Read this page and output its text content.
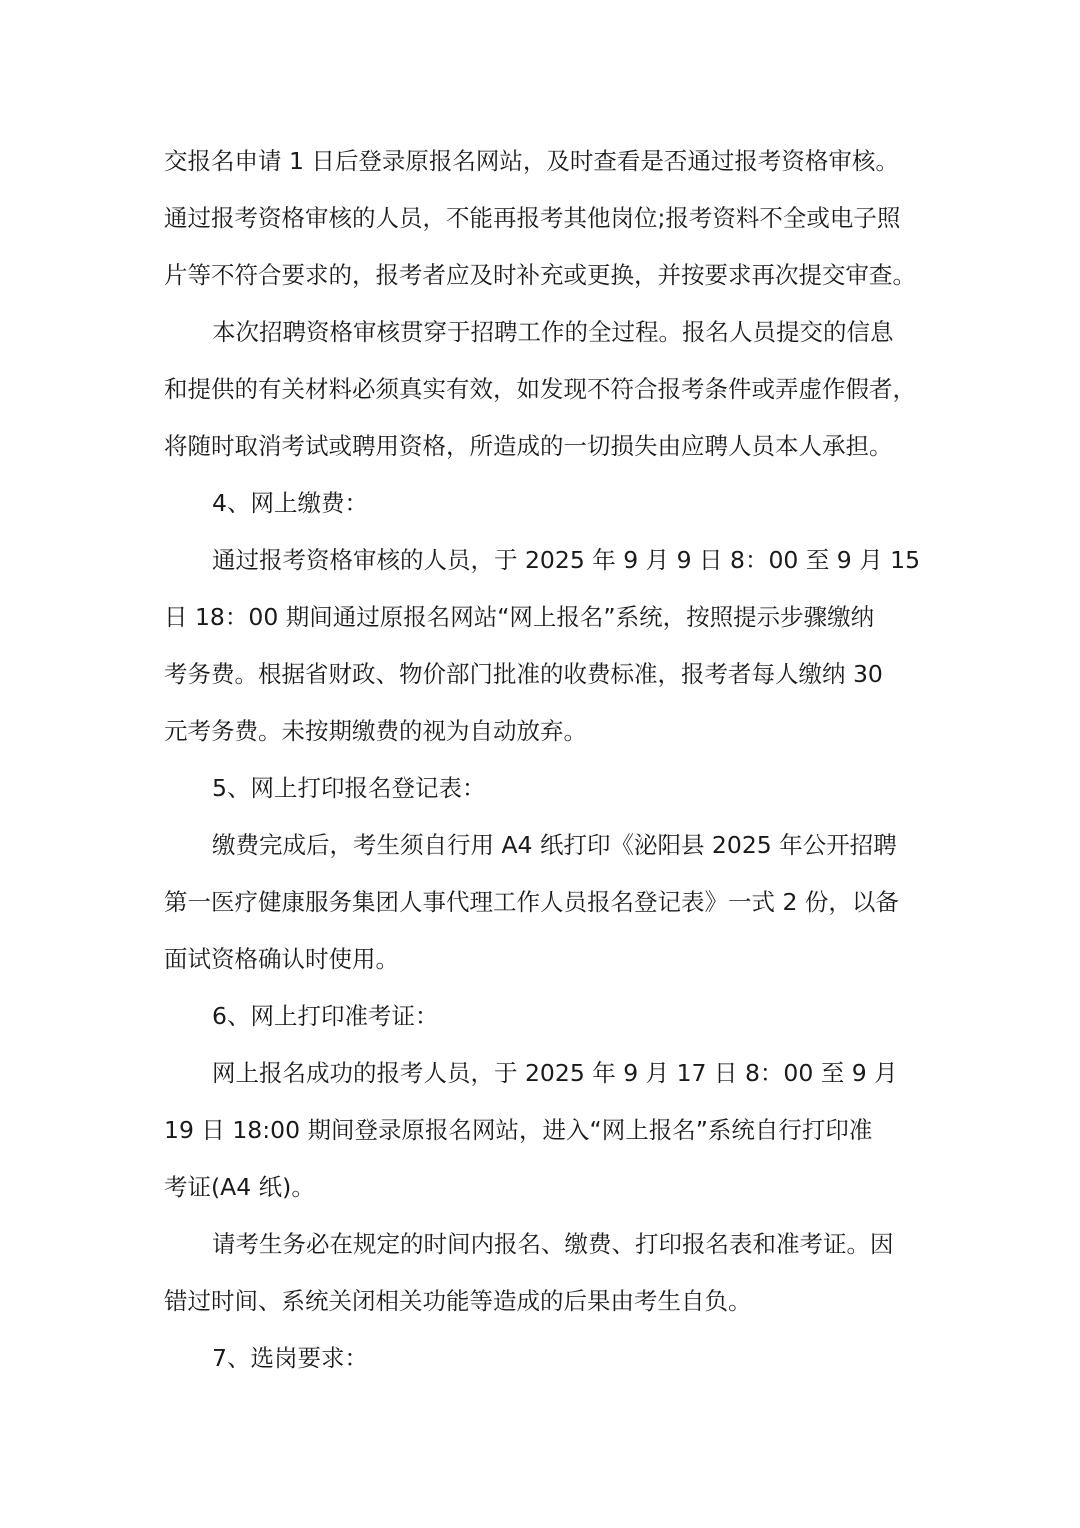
交报名申请 1 日后登录原报名网站，及时查看是否通过报考资格审核。
通过报考资格审核的人员，不能再报考其他岗位;报考资料不全或电子照
片等不符合要求的，报考者应及时补充或更换，并按要求再次提交审查。
本次招聘资格审核贯穿于招聘工作的全过程。报名人员提交的信息
和提供的有关材料必须真实有效，如发现不符合报考条件或弄虚作假者，
将随时取消考试或聘用资格，所造成的一切损失由应聘人员本人承担。
4、网上缴费：
通过报考资格审核的人员，于 2025 年 9 月 9 日 8：00 至 9 月 15
日 18：00 期间通过原报名网站“网上报名”系统，按照提示步骤缴纳
考务费。根据省财政、物价部门批准的收费标准，报考者每人缴纳 30
元考务费。未按期缴费的视为自动放弃。
5、网上打印报名登记表：
缴费完成后，考生须自行用 A4 纸打印《泌阳县 2025 年公开招聘
第一医疗健康服务集团人事代理工作人员报名登记表》一式 2 份，以备
面试资格确认时使用。
6、网上打印准考证：
网上报名成功的报考人员，于 2025 年 9 月 17 日 8：00 至 9 月
19 日 18:00 期间登录原报名网站，进入“网上报名”系统自行打印准
考证(A4 纸)。
请考生务必在规定的时间内报名、缴费、打印报名表和准考证。因
错过时间、系统关闭相关功能等造成的后果由考生自负。
7、选岗要求：
